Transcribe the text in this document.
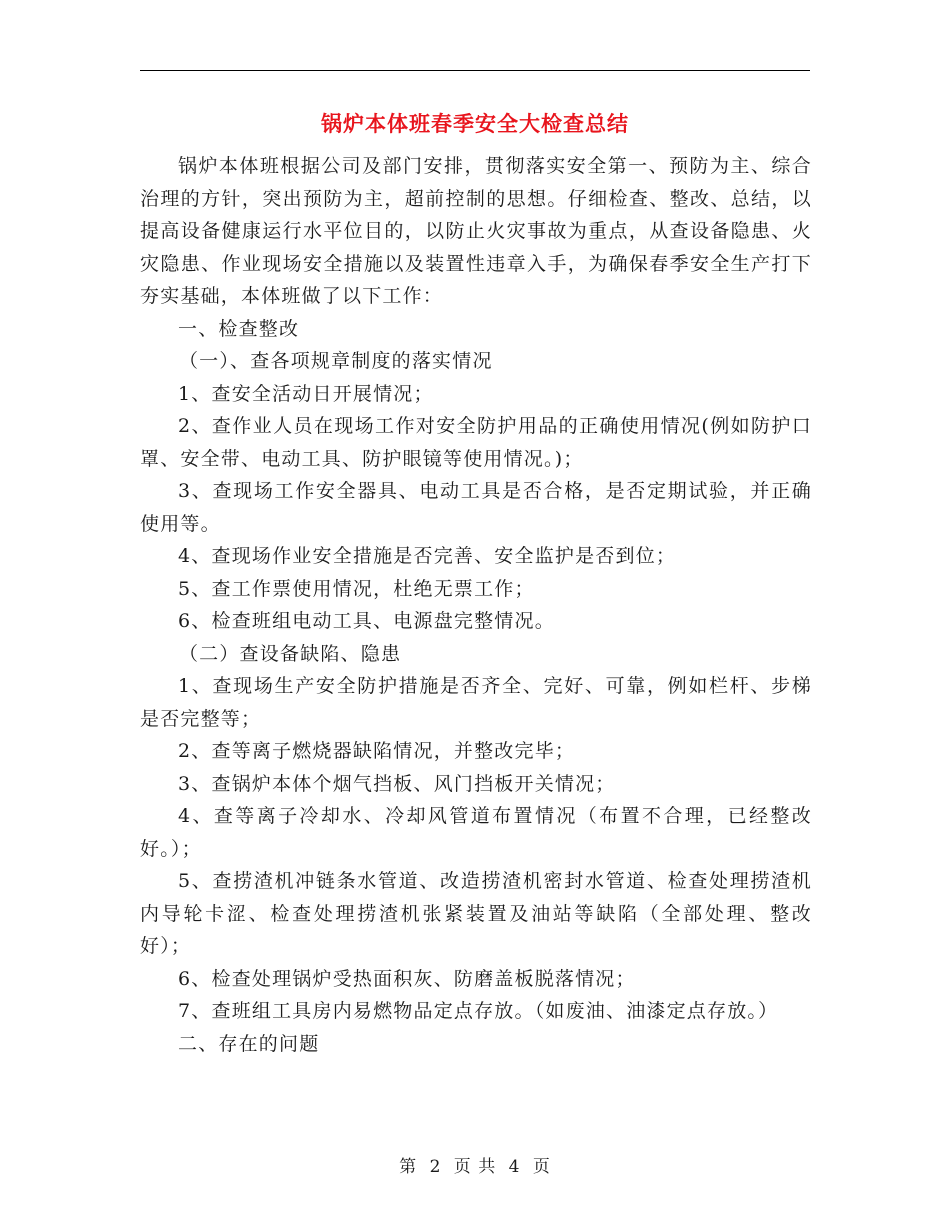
锅炉本体班春季安全大检查总结

锅炉本体班根据公司及部门安排，贯彻落实安全第一、预防为主、综合治理的方针，突出预防为主，超前控制的思想。仔细检查、整改、总结，以提高设备健康运行水平位目的，以防止火灾事故为重点，从查设备隐患、火灾隐患、作业现场安全措施以及装置性违章入手，为确保春季安全生产打下夯实基础，本体班做了以下工作：

一、检查整改

（一）、查各项规章制度的落实情况

1、查安全活动日开展情况；

2、查作业人员在现场工作对安全防护用品的正确使用情况(例如防护口罩、安全带、电动工具、防护眼镜等使用情况。)；

3、查现场工作安全器具、电动工具是否合格，是否定期试验，并正确使用等。

4、查现场作业安全措施是否完善、安全监护是否到位；

5、查工作票使用情况，杜绝无票工作；

6、检查班组电动工具、电源盘完整情况。

（二）查设备缺陷、隐患

1、查现场生产安全防护措施是否齐全、完好、可靠，例如栏杆、步梯是否完整等；

2、查等离子燃烧器缺陷情况，并整改完毕；

3、查锅炉本体个烟气挡板、风门挡板开关情况；

4、查等离子冷却水、冷却风管道布置情况（布置不合理，已经整改好。）；

5、查捞渣机冲链条水管道、改造捞渣机密封水管道、检查处理捞渣机内导轮卡涩、检查处理捞渣机张紧装置及油站等缺陷（全部处理、整改好）；

6、检查处理锅炉受热面积灰、防磨盖板脱落情况；

7、查班组工具房内易燃物品定点存放。（如废油、油漆定点存放。）

二、存在的问题

第 2 页 共 4 页
